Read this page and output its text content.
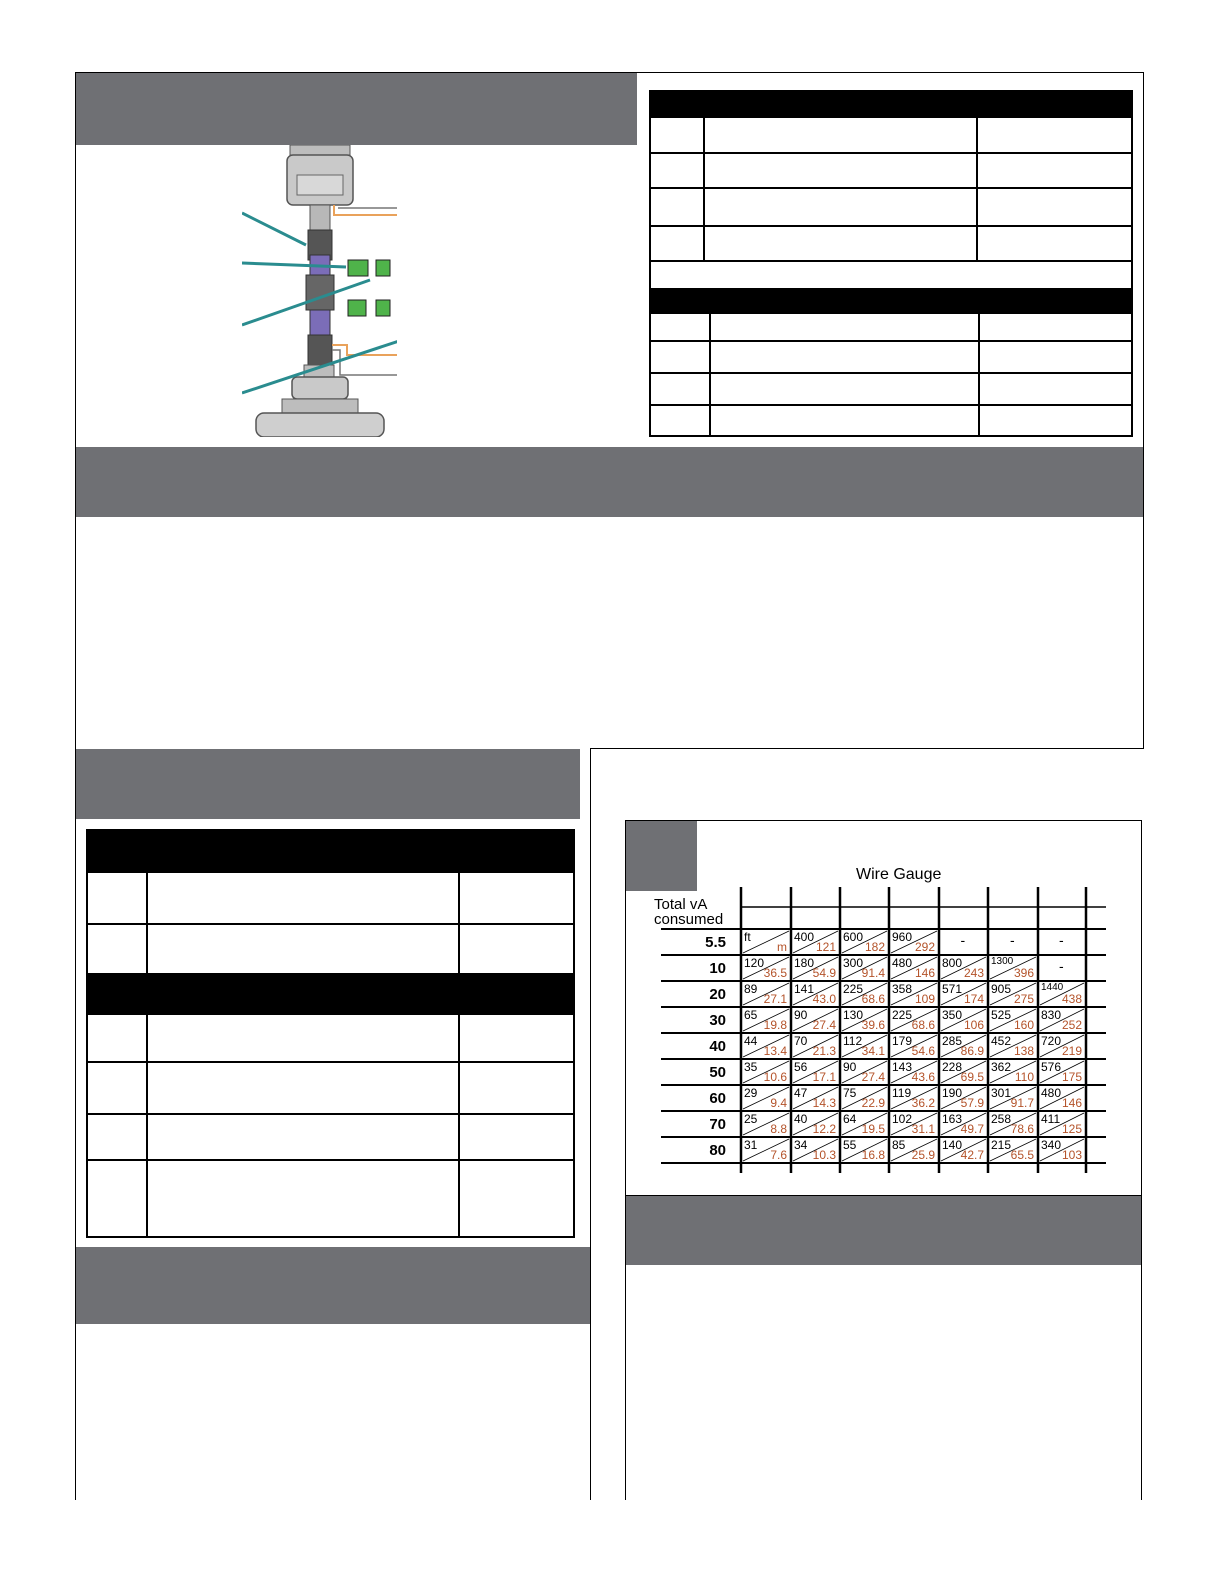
Wire Gauge
Total vA consumed
5.5 ft
m
400
121
600
182
960
292 -	-	-
10 120
36.5
180
54.9
300
91.4
480
146
800
243
1300
396 -
20 89
27.1
141
43.0
225
68.6
358
109
571
174
905
275
1440
438
30 65
19.8
90
27.4
130
39.6
225
68.6
350
106
525
160
830
252
40 44
13.4
70
21.3
112
34.1
179
54.6
285
86.9
452
138
720
219
50 35
10.6
56
17.1
90
27.4
143
43.6
228
69.5
362
110
576
175
60 29
9.4
47
14.3
75
22.9
119
36.2
190
57.9
301
91.7
480
146
70 25
8.8
40
12.2
64
19.5
102
31.1
163
49.7
258
78.6
411
125
80 31
7.6
34
10.3
55
16.8
85
25.9
140
42.7
215
65.5
340
103
